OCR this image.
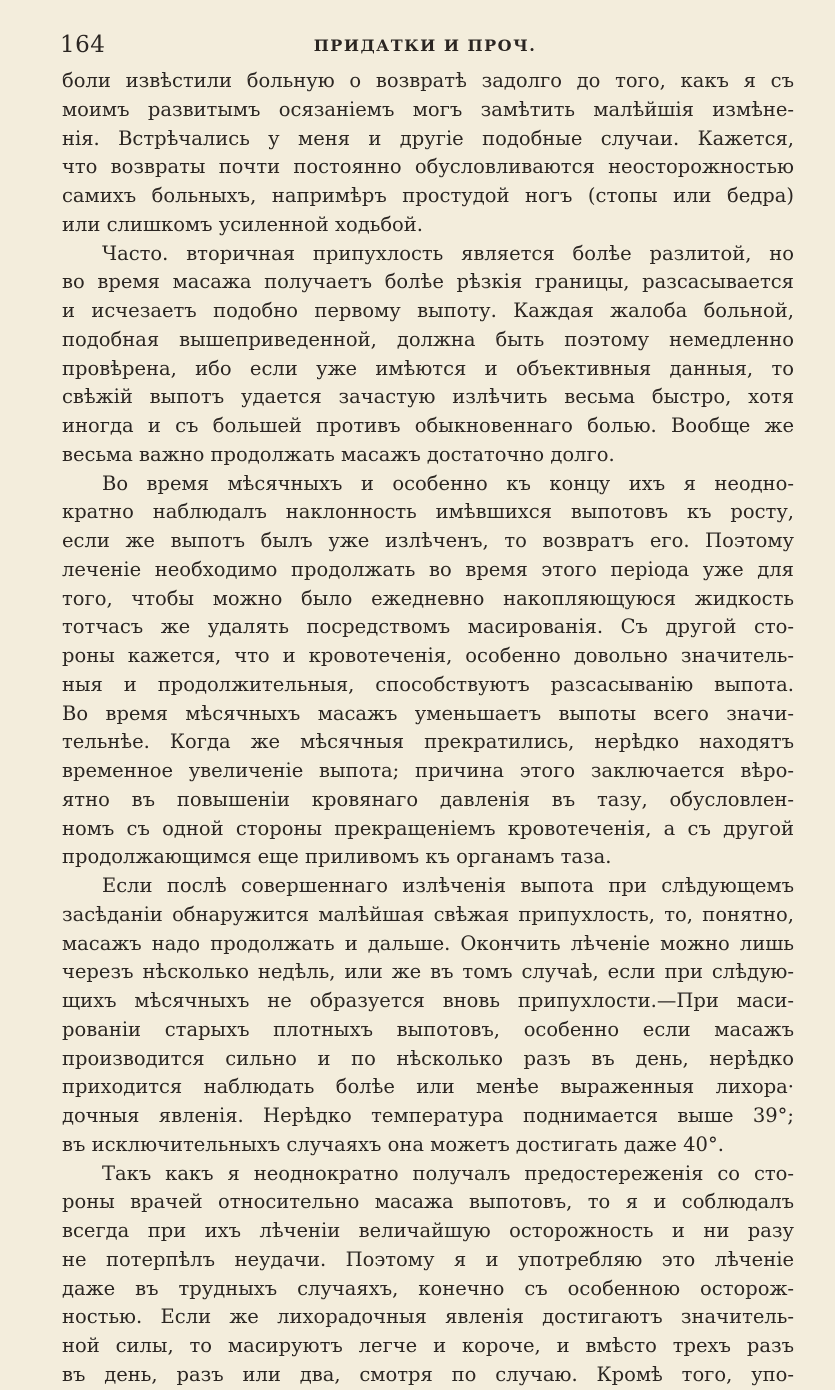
164	ПРИДАТКИ И ПРОЧ.
боли извѣстили больную о возвратѣ задолго до того, какъ я съ
моимъ развитымъ осязаніемъ могъ замѣтить малѣйшія измѣне-
нія. Встрѣчались у меня и другіе подобные случаи. Кажется,
что возвраты почти постоянно обусловливаются неосторожностью
самихъ больныхъ, напримѣръ простудой ногъ (стопы или бедра)
или слишкомъ усиленной ходьбой.
Часто. вторичная припухлость является болѣе разлитой, но
во время масажа получаетъ болѣе рѣзкія границы, разсасывается
и исчезаетъ подобно первому выпоту. Каждая жалоба больной,
подобная вышеприведенной, должна быть поэтому немедленно
провѣрена, ибо если уже имѣются и объективныя данныя, то
свѣжій выпотъ удается зачастую излѣчить весьма быстро, хотя
иногда и съ большей противъ обыкновеннаго болью. Вообще же
весьма важно продолжать масажъ достаточно долго.
Во время мѣсячныхъ и особенно къ концу ихъ я неодно-
кратно наблюдалъ наклонность имѣвшихся выпотовъ къ росту,
если же выпотъ былъ уже излѣченъ, то возвратъ его. Поэтому
леченіе необходимо продолжать во время этого періода уже для
того, чтобы можно было ежедневно накопляющуюся жидкость
тотчасъ же удалять посредствомъ масированія. Съ другой сто-
роны кажется, что и кровотеченія, особенно довольно значитель-
ныя и продолжительныя, способствуютъ разсасыванію выпота.
Во время мѣсячныхъ масажъ уменьшаетъ выпоты всего значи-
тельнѣе. Когда же мѣсячныя прекратились, нерѣдко находятъ
временное увеличеніе выпота; причина этого заключается вѣро-
ятно въ повышеніи кровянаго давленія въ тазу, обусловлен-
номъ съ одной стороны прекращеніемъ кровотеченія, а съ другой
продолжающимся еще приливомъ къ органамъ таза.
Если послѣ совершеннаго излѣченія выпота при слѣдующемъ
засѣданіи обнаружится малѣйшая свѣжая припухлость, то, понятно,
масажъ надо продолжать и дальше. Окончить лѣченіе можно лишь
черезъ нѣсколько недѣль, или же въ томъ случаѣ, если при слѣдую-
щихъ мѣсячныхъ не образуется вновь припухлости.—При маси-
рованіи старыхъ плотныхъ выпотовъ, особенно если масажъ
производится сильно и по нѣсколько разъ въ день, нерѣдко
приходится наблюдать болѣе или менѣе выраженныя лихора·
дочныя явленія. Нерѣдко температура поднимается выше 39°;
въ исключительныхъ случаяхъ она можетъ достигать даже 40°.
Такъ какъ я неоднократно получалъ предостереженія со сто-
роны врачей относительно масажа выпотовъ, то я и соблюдалъ
всегда при ихъ лѣченіи величайшую осторожность и ни разу
не потерпѣлъ неудачи. Поэтому я и употребляю это лѣченіе
даже въ трудныхъ случаяхъ, конечно съ особенною осторож-
ностью. Если же лихорадочныя явленія достигаютъ значитель-
ной силы, то масируютъ легче и короче, и вмѣсто трехъ разъ
въ день, разъ или два, смотря по случаю. Кромѣ того, упо-
